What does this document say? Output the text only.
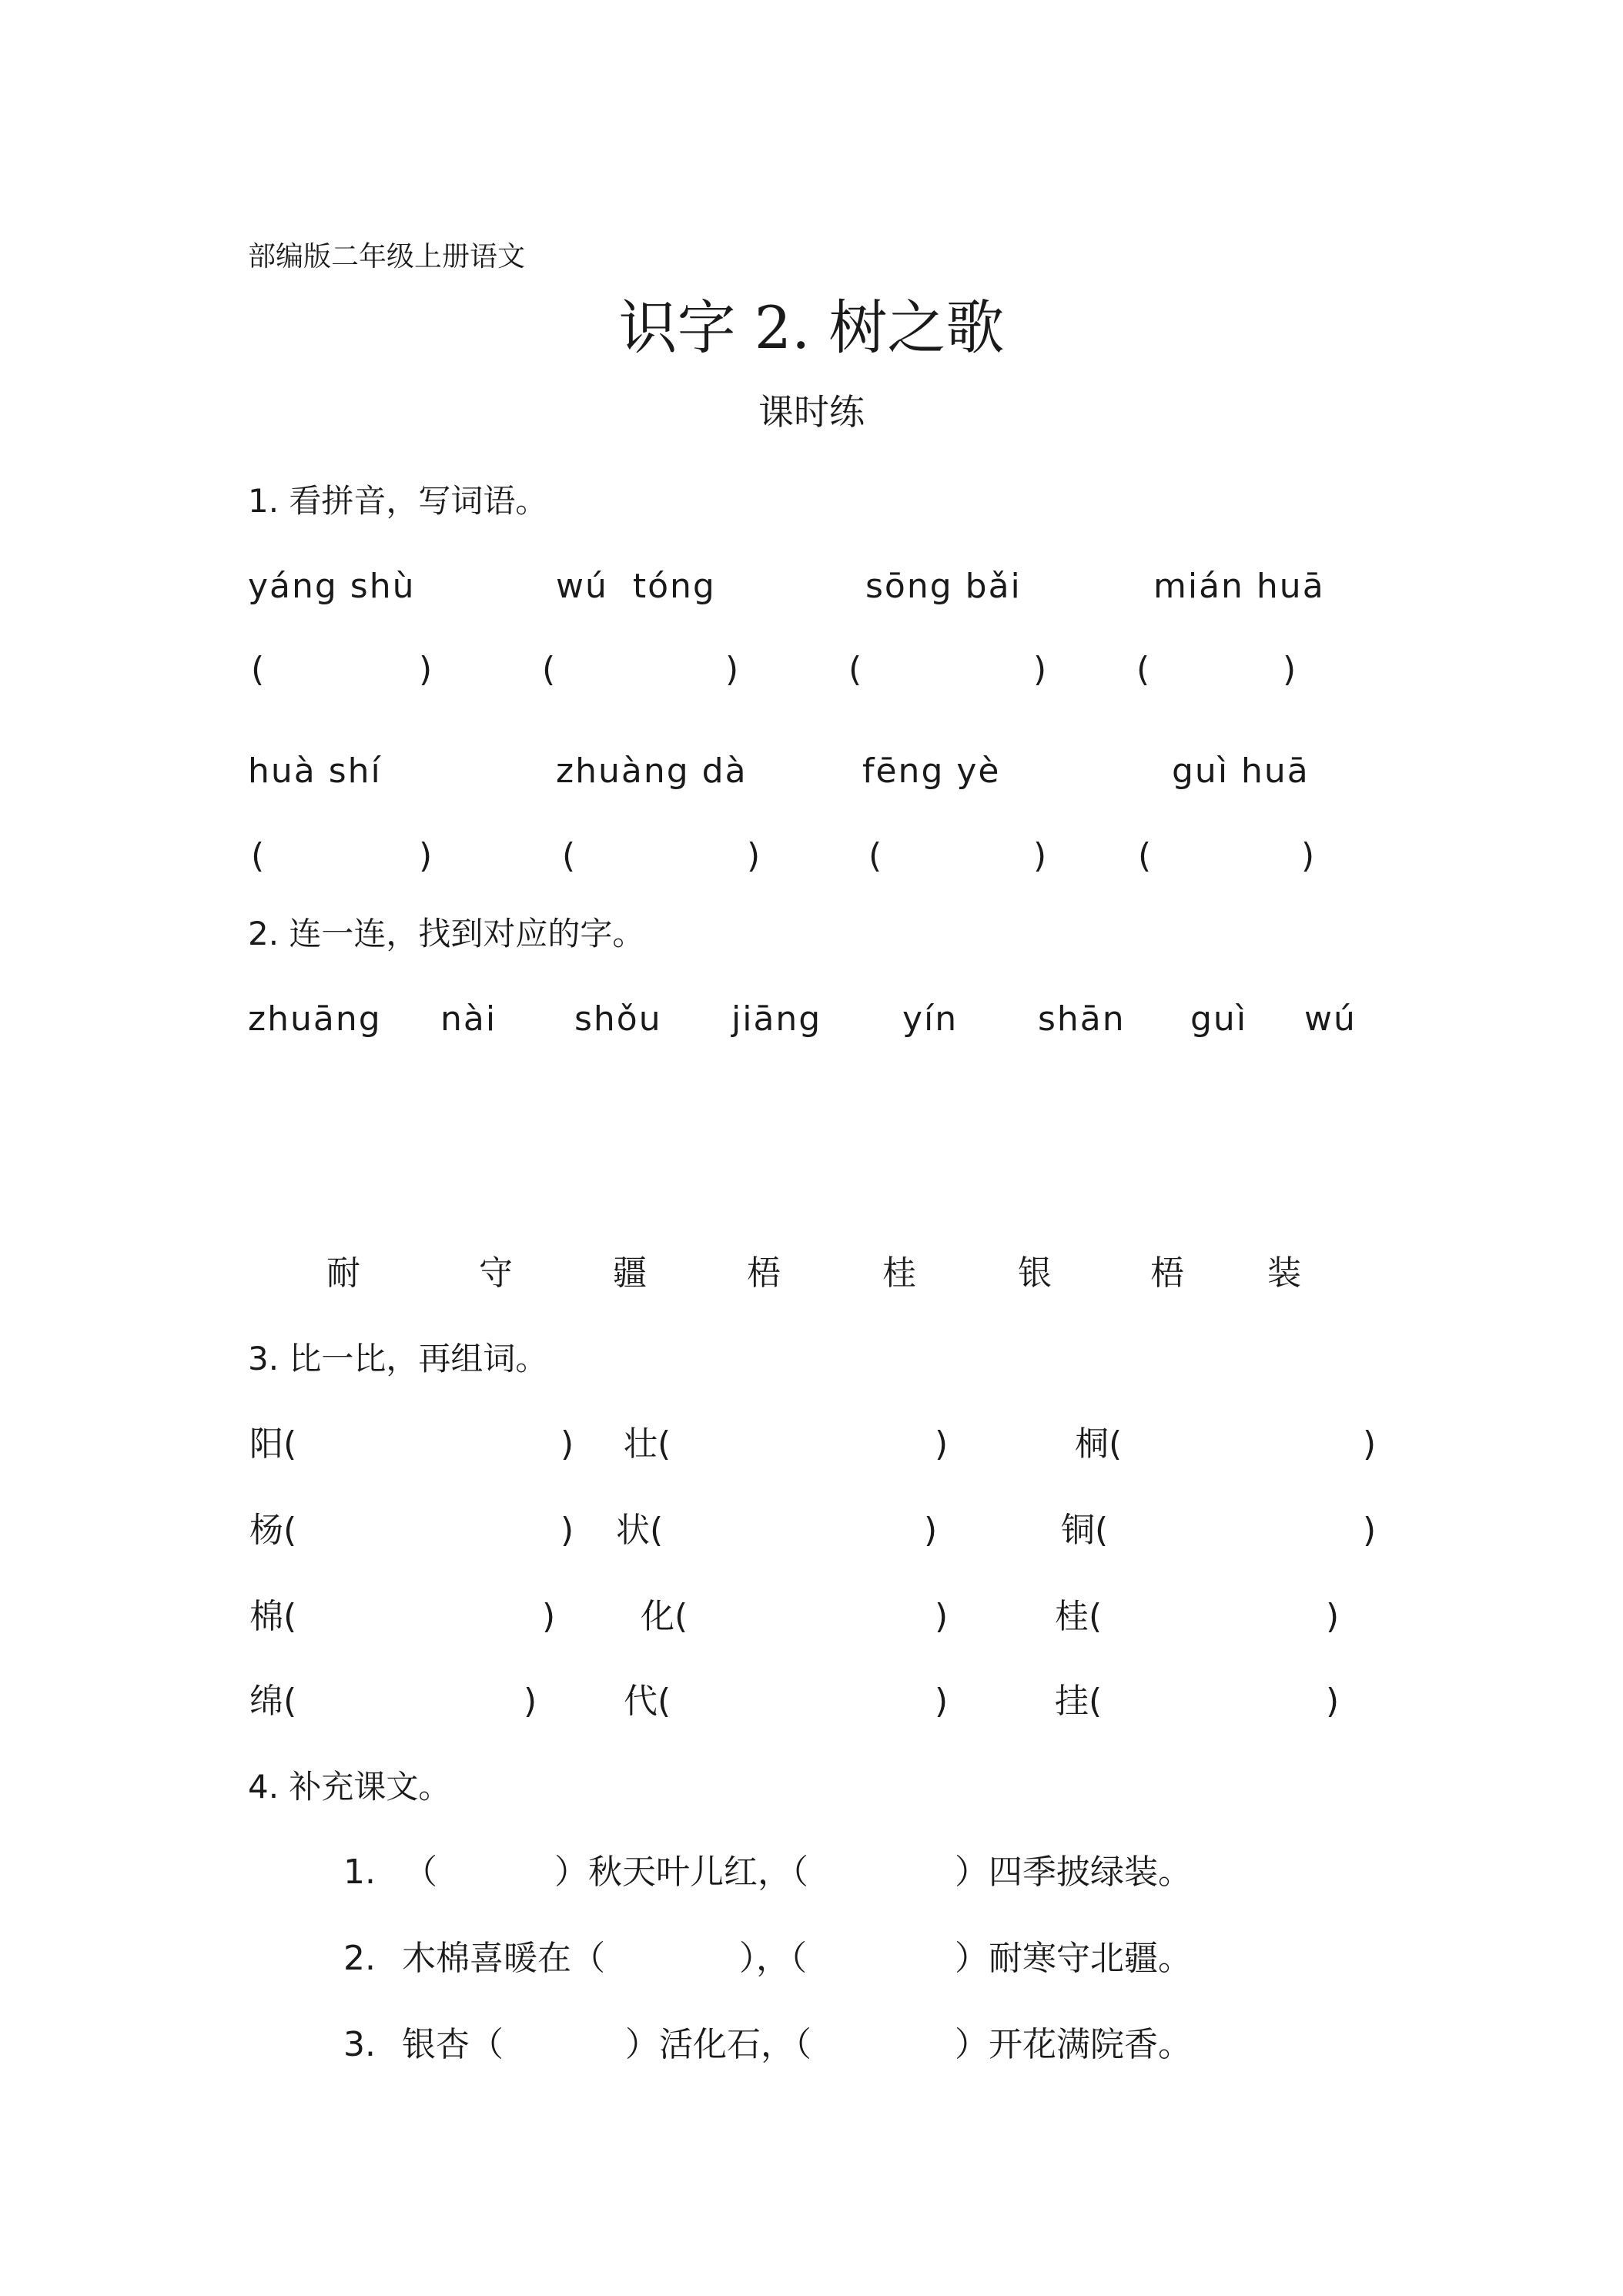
部编版二年级上册语文
识字 2. 树之歌
课时练
1. 看拼音，写词语。
yáng shù	wú  tóng	sōng bǎi	mián huā
(	)	(	)	(	)	(	)
huà shí	zhuàng dà	fēng yè	guì huā
(	)	(	)	(	)	(	)
2. 连一连，找到对应的字。
zhuāng nài shǒu jiāng yín shān guì wú
耐	守	疆	梧	桂	银	梧 装
3. 比一比，再组词。
阳(	) 壮(	)	桐(	)
杨(	) 状(	)	铜(	)
棉(	)	化(	)	桂(	)
绵(	)	代(	)	挂(	)
4. 补充课文。
1. （	）秋天叶儿红，（	）四季披绿装。
2. 木棉喜暖在（	），（	）耐寒守北疆。
3. 银杏（	）活化石，（	）开花满院香。
